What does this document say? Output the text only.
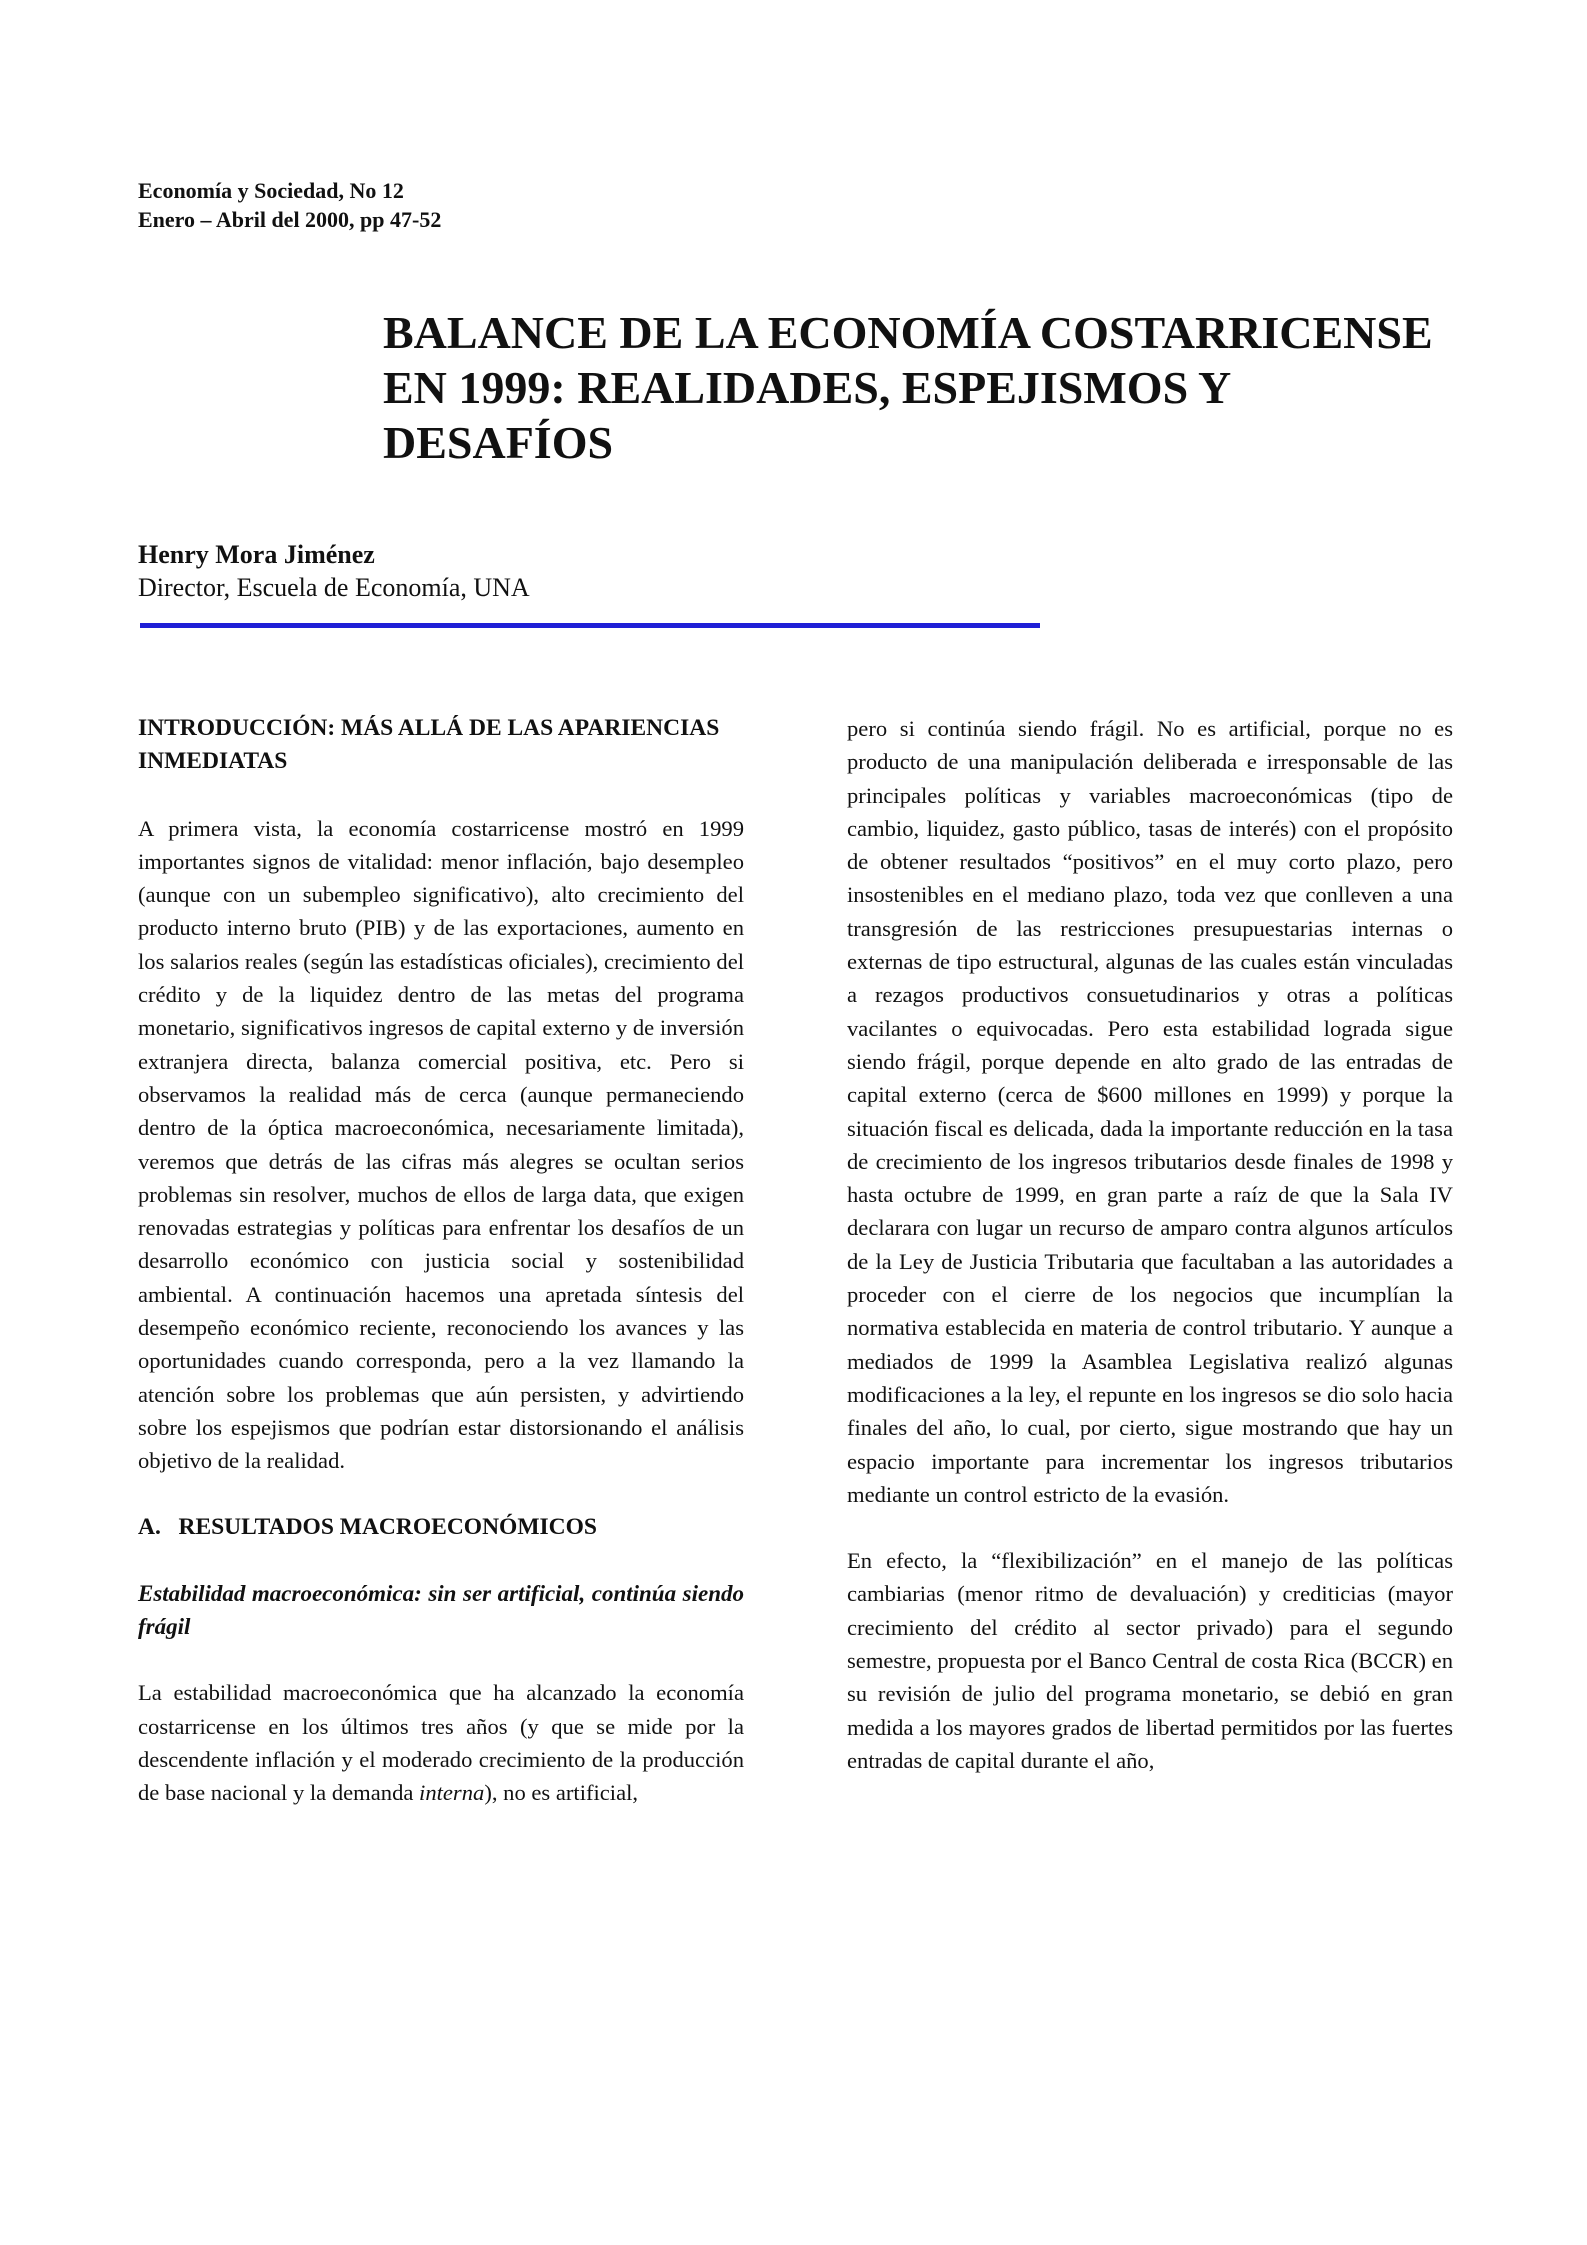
Economía y Sociedad, No 12
Enero – Abril del 2000, pp 47-52
BALANCE DE LA ECONOMÍA COSTARRICENSE
EN 1999: REALIDADES, ESPEJISMOS Y
DESAFÍOS
Henry Mora Jiménez
Director, Escuela de Economía, UNA
INTRODUCCIÓN: MÁS ALLÁ DE LAS APARIENCIAS INMEDIATAS

A primera vista, la economía costarricense mostró en 1999 importantes signos de vitalidad: menor inflación, bajo desempleo (aunque con un subempleo significativo), alto crecimiento del producto interno bruto (PIB) y de las exportaciones, aumento en los salarios reales (según las estadísticas oficiales), crecimiento del crédito y de la liquidez dentro de las metas del programa monetario, significativos ingresos de capital externo y de inversión extranjera directa, balanza comercial positiva, etc. Pero si observamos la realidad más de cerca (aunque permaneciendo dentro de la óptica macroeconómica, necesariamente limitada), veremos que detrás de las cifras más alegres se ocultan serios problemas sin resolver, muchos de ellos de larga data, que exigen renovadas estrategias y políticas para enfrentar los desafíos de un desarrollo económico con justicia social y sostenibilidad ambiental. A continuación hacemos una apretada síntesis del desempeño económico reciente, reconociendo los avances y las oportunidades cuando corresponda, pero a la vez llamando la atención sobre los problemas que aún persisten, y advirtiendo sobre los espejismos que podrían estar distorsionando el análisis objetivo de la realidad.

A.   RESULTADOS MACROECONÓMICOS
Estabilidad macroeconómica: sin ser artificial, continúa siendo frágil

La estabilidad macroeconómica que ha alcanzado la economía costarricense en los últimos tres años (y que se mide por la descendente inflación y el moderado crecimiento de la producción de base nacional y la demanda interna), no es artificial,

pero si continúa siendo frágil. No es artificial, porque no es producto de una manipulación deliberada e irresponsable de las principales políticas y variables macroeconómicas (tipo de cambio, liquidez, gasto público, tasas de interés) con el propósito de obtener resultados “positivos” en el muy corto plazo, pero insostenibles en el mediano plazo, toda vez que conlleven a una transgresión de las restricciones presupuestarias internas o externas de tipo estructural, algunas de las cuales están vinculadas a rezagos productivos consuetudinarios y otras a políticas vacilantes o equivocadas. Pero esta estabilidad lograda sigue siendo frágil, porque depende en alto grado de las entradas de capital externo (cerca de $600 millones en 1999) y porque la situación fiscal es delicada, dada la importante reducción en la tasa de crecimiento de los ingresos tributarios desde finales de 1998 y hasta octubre de 1999, en gran parte a raíz de que la Sala IV declarara con lugar un recurso de amparo contra algunos artículos de la Ley de Justicia Tributaria que facultaban a las autoridades a proceder con el cierre de los negocios que incumplían la normativa establecida en materia de control tributario. Y aunque a mediados de 1999 la Asamblea Legislativa realizó algunas modificaciones a la ley, el repunte en los ingresos se dio solo hacia finales del año, lo cual, por cierto, sigue mostrando que hay un espacio importante para incrementar los ingresos tributarios mediante un control estricto de la evasión.

En efecto, la “flexibilización” en el manejo de las políticas cambiarias (menor ritmo de devaluación) y crediticias (mayor crecimiento del crédito al sector privado) para el segundo semestre, propuesta por el Banco Central de costa Rica (BCCR) en su revisión de julio del programa monetario, se debió en gran medida a los mayores grados de libertad permitidos por las fuertes entradas de capital durante el año,
